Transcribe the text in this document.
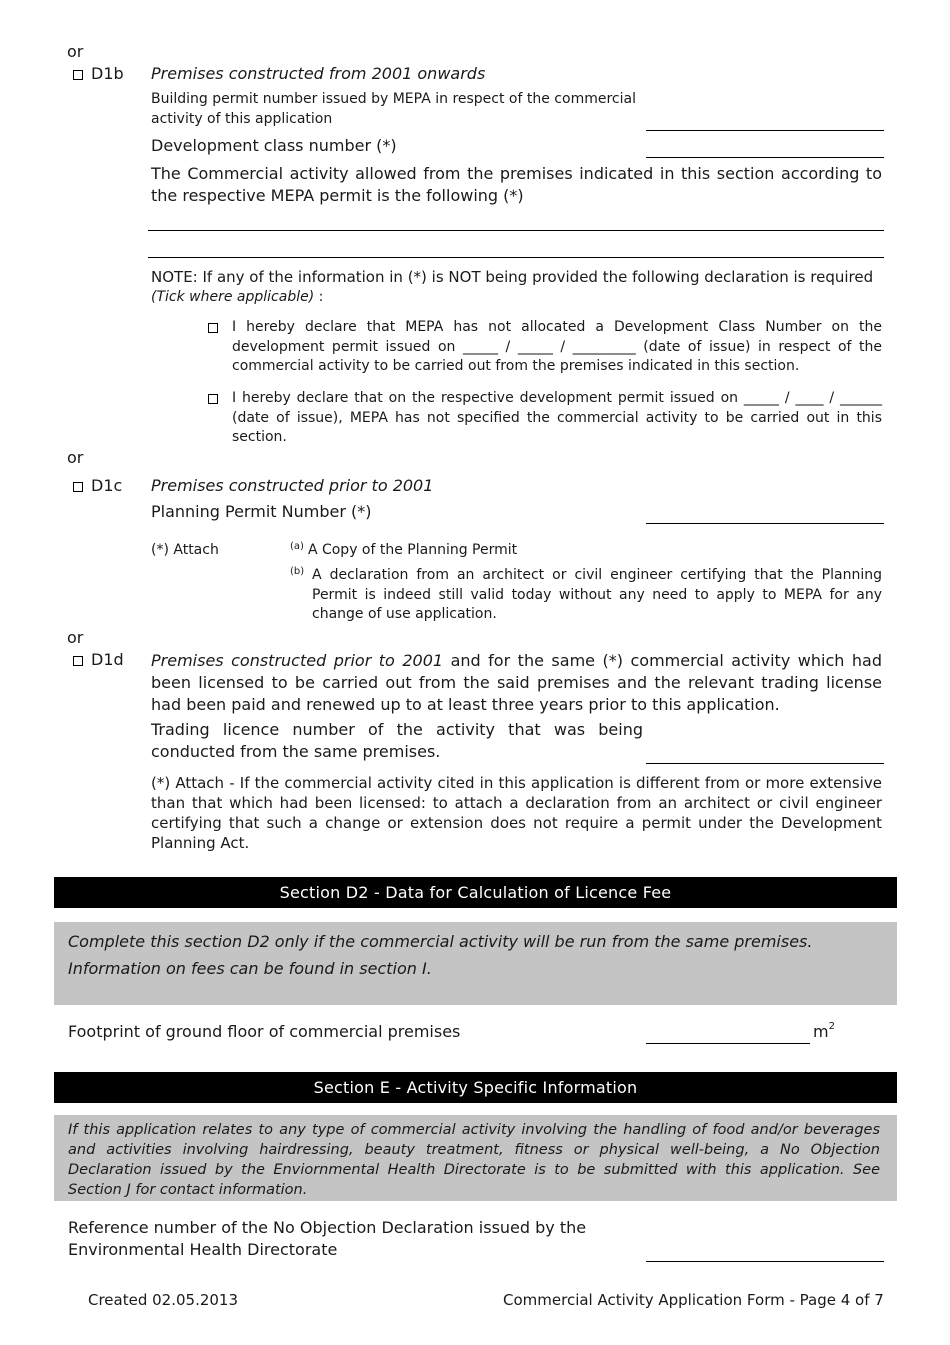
or
D1b Premises constructed from 2001 onwards
Building permit number issued by MEPA in respect of the commercial activity of this application
Development class number (*)
The Commercial activity allowed from the premises indicated in this section according to the respective MEPA permit is the following (*)
NOTE: If any of the information in (*) is NOT being provided the following declaration is required
(Tick where applicable) :
I hereby declare that MEPA has not allocated a Development Class Number on the development permit issued on _____ / _____ / _________ (date of issue) in respect of the commercial activity to be carried out from the premises indicated in this section.
I hereby declare that on the respective development permit issued on _____ / ____ / ______ (date of issue), MEPA has not specified the commercial activity to be carried out in this section.
or
D1c Premises constructed prior to 2001
Planning Permit Number (*)
(*) Attach	$^{(a)}$ A Copy of the Planning Permit
$^{(b)}$ A declaration from an architect or civil engineer certifying that the Planning Permit is indeed still valid today without any need to apply to MEPA for any change of use application.
or
D1d Premises constructed prior to 2001 and for the same (*) commercial activity which had been licensed to be carried out from the said premises and the relevant trading license had been paid and renewed up to at least three years prior to this application.
Trading licence number of the activity that was being conducted from the same premises.
(*) Attach - If the commercial activity cited in this application is different from or more extensive than that which had been licensed: to attach a declaration from an architect or civil engineer certifying that such a change or extension does not require a permit under the Development Planning Act.
Section D2 - Data for Calculation of Licence Fee
Complete this section D2 only if the commercial activity will be run from the same premises.
Information on fees can be found in section I.
Footprint of ground floor of commercial premises	$m^2$
Section E - Activity Specific Information
If this application relates to any type of commercial activity involving the handling of food and/or beverages and activities involving hairdressing, beauty treatment, fitness or physical well-being, a No Objection Declaration issued by the Enviornmental Health Directorate is to be submitted with this application. See Section J for contact information.
Reference number of the No Objection Declaration issued by the Environmental Health Directorate
Created 02.05.2013	Commercial Activity Application Form - Page 4 of 7
